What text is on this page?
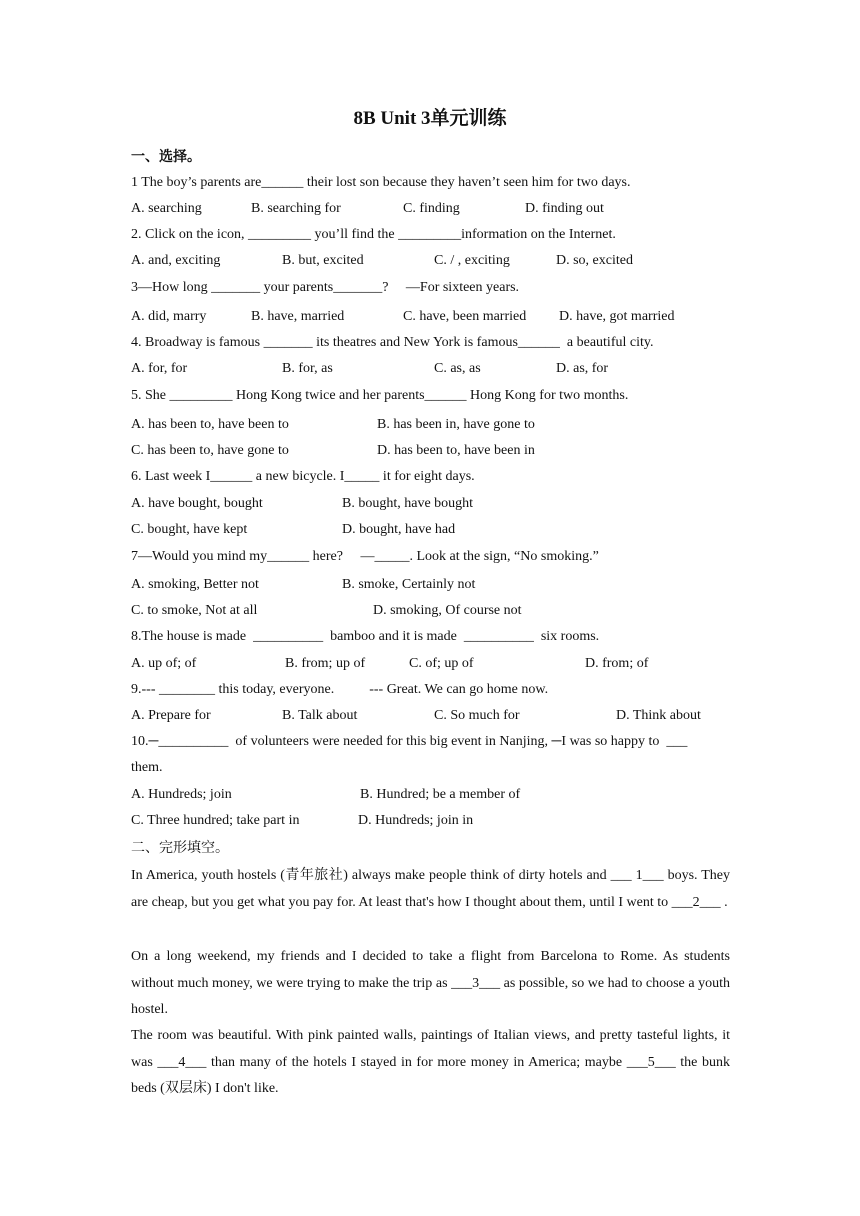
8B Unit 3单元训练
一、选择。
1 The boy’s parents are______ their lost son because they haven’t seen him for two days.
A. searching	B. searching for	C. finding	D. finding out
2. Click on the icon, _________ you’ll find the _________information on the Internet.
A. and, exciting	B. but, excited	C. / , exciting	D. so, excited
3—How long _______ your parents_______?     —For sixteen years.
A. did, marry	B. have, married	C. have, been married D. have, got married
4. Broadway is famous _______ its theatres and New York is famous______  a beautiful city.
A. for, for	B. for, as	C. as, as	D. as, for
5. She _________ Hong Kong twice and her parents______ Hong Kong for two months.
A. has been to, have been to	B. has been in, have gone to
C. has been to, have gone to	D. has been to, have been in
6. Last week I______ a new bicycle. I_____ it for eight days.
A. have bought, bought	B. bought, have bought
C. bought, have kept	D. bought, have had
7—Would you mind my______ here?     —_____. Look at the sign, “No smoking.”
A. smoking, Better not	B. smoke, Certainly not
C. to smoke, Not at all	D. smoking, Of course not
8.The house is made  __________  bamboo and it is made  __________  six rooms.
A. up of; of	B. from; up of	C. of; up of	D. from; of
9.--- ________ this today, everyone.          --- Great. We can go home now.
A. Prepare for	B. Talk about	C. So much for	D. Think about
10.─__________  of volunteers were needed for this big event in Nanjing, ─I was so happy to  ___
them.
A. Hundreds; join	B. Hundred; be a member of
C. Three hundred; take part in	D. Hundreds; join in
二、完形填空。
In America, youth hostels (青年旅社) always make people think of dirty hotels and ___ 1___ boys. They are cheap, but you get what you pay for. At least that's how I thought about them, until I went to ___2___ .
On a long weekend, my friends and I decided to take a flight from Barcelona to Rome. As students without much money, we were trying to make the trip as ___3___ as possible, so we had to choose a youth hostel.
The room was beautiful. With pink painted walls, paintings of Italian views, and pretty tasteful lights, it was ___4___ than many of the hotels I stayed in for more money in America; maybe ___5___ the bunk beds (双层床) I don't like.
